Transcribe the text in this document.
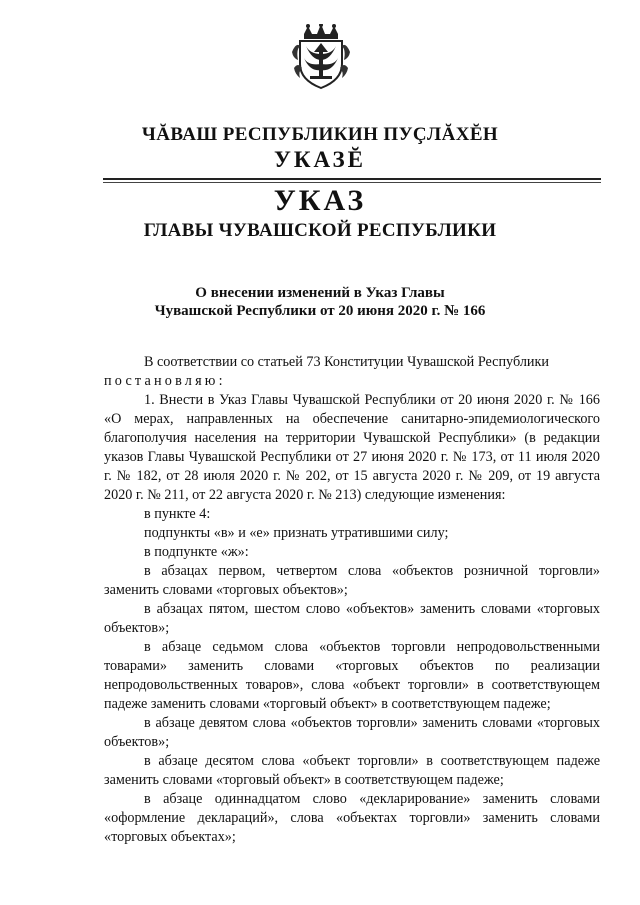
ЧĂВАШ РЕСПУБЛИКИН ПУÇЛĂХĔН
УКАЗĔ
УКАЗ
ГЛАВЫ ЧУВАШСКОЙ РЕСПУБЛИКИ
О внесении изменений в Указ Главы
Чувашской Республики от 20 июня 2020 г. № 166

В соответствии со статьей 73 Конституции Чувашской Республики

постановляю:

1. Внести в Указ Главы Чувашской Республики от 20 июня 2020 г. № 166 «О мерах, направленных на обеспечение санитарно-эпидемиологического благополучия населения на территории Чувашской Республики» (в редакции указов Главы Чувашской Республики от 27 июня 2020 г. № 173, от 11 июля 2020 г. № 182, от 28 июля 2020 г. № 202, от 15 августа 2020 г. № 209, от 19 августа 2020 г. № 211, от 22 августа 2020 г. № 213) следующие изменения:

в пункте 4:

подпункты «в» и «е» признать утратившими силу;

в подпункте «ж»:

в абзацах первом, четвертом слова «объектов розничной торговли» заменить словами «торговых объектов»;

в абзацах пятом, шестом слово «объектов» заменить словами «торговых объектов»;

в абзаце седьмом слова «объектов торговли непродовольственными товарами» заменить словами «торговых объектов по реализации непродовольственных товаров», слова «объект торговли» в соответствующем падеже заменить словами «торговый объект» в соответствующем падеже;

в абзаце девятом слова «объектов торговли» заменить словами «торговых объектов»;

в абзаце десятом слова «объект торговли» в соответствующем падеже заменить словами «торговый объект» в соответствующем падеже;

в абзаце одиннадцатом слово «декларирование» заменить словами «оформление деклараций», слова «объектах торговли» заменить словами «торговых объектах»;
